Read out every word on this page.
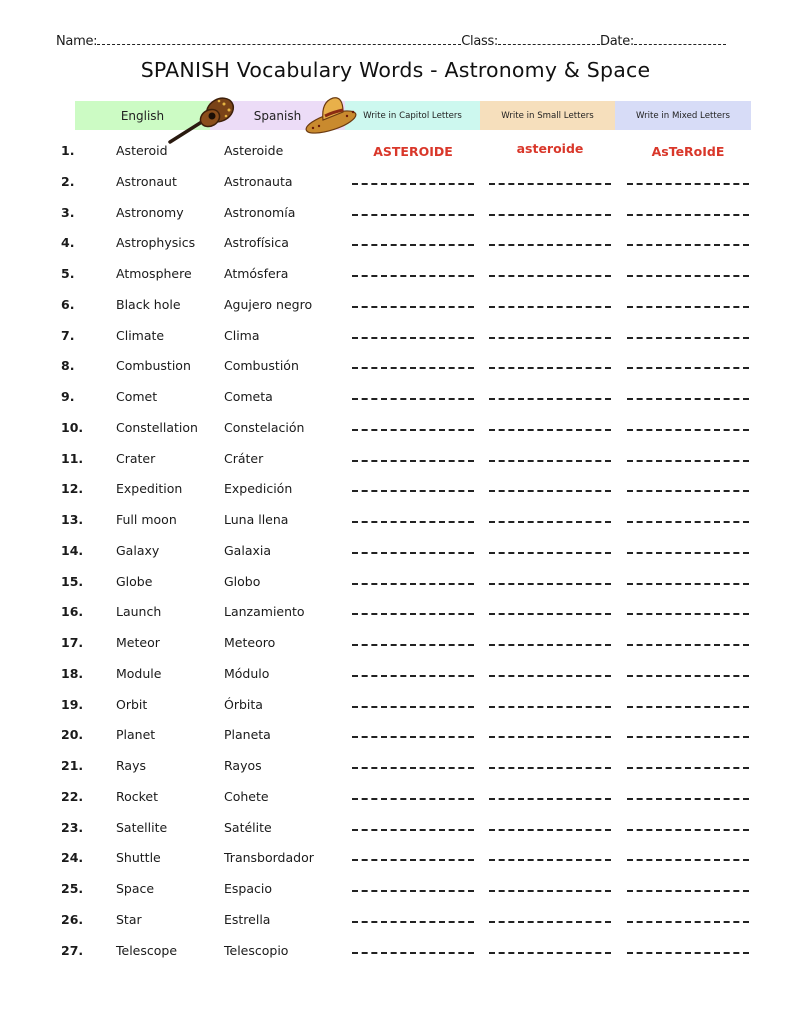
Name:	Class:	Date:
SPANISH Vocabulary Words - Astronomy & Space
English	Spanish	Write in Capitol Letters	Write in Small Letters	Write in Mixed Letters
1.	Asteroid	Asteroide	ASTEROIDE	asteroide	AsTeRoIdE
2.	Astronaut	Astronauta
3.	Astronomy	Astronomía
4.	Astrophysics Astrofísica
5.	Atmosphere	Atmósfera
6.	Black hole	Agujero negro
7.	Climate	Clima
8.	Combustion	Combustión
9.	Comet	Cometa
10.	Constellation Constelación
11.	Crater	Cráter
12.	Expedition	Expedición
13.	Full moon	Luna llena
14.	Galaxy	Galaxia
15.	Globe	Globo
16.	Launch	Lanzamiento
17.	Meteor	Meteoro
18.	Module	Módulo
19.	Orbit	Órbita
20.	Planet	Planeta
21.	Rays	Rayos
22.	Rocket	Cohete
23.	Satellite	Satélite
24.	Shuttle	Transbordador
25.	Space	Espacio
26.	Star	Estrella
27.	Telescope	Telescopio
